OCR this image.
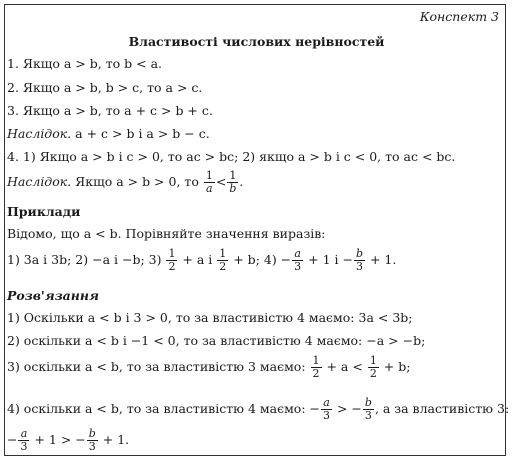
Конспект 3
Властивості числових нерівностей
1. Якщо a > b, то b < a.
2. Якщо a > b, b > c, то a > c.
3. Якщо a > b, то a + c > b + c.
Наслідок. a + c > b і a > b − c.
4. 1) Якщо a > b і c > 0, то ac > bc; 2) якщо a > b і c < 0, то ac < bc.
Наслідок. Якщо a > b > 0, то $\frac{1}{a} < \frac{1}{b}$ .
Приклади
Відомо, що a < b. Порівняйте значення виразів:
1) 3a і 3b; 2) −a і −b; $3) \frac{1}{2} + a$ і $\frac{1}{2} + b$; $4) - \frac{a}{3} + 1$ $і - \frac{b}{3} + 1$.
Розв'язання
1) Оскільки a < b і 3 > 0, то за властивістю 4 маємо: 3a < 3b;
2) оскільки a < b і −1 < 0, то за властивістю 4 маємо: −a > −b;
3) оскільки a < b, то за властивістю 3 маємо: $\frac{1}{2} + a < \frac{1}{2} + b$;
4) оскільки a < b, то за властивістю 4 маємо: − $\frac{a}{3}$ > − $\frac{b}{3}$ , а за властивістю 3:
− $\frac{a}{3} + 1$ > − $\frac{b}{3} + 1$.
